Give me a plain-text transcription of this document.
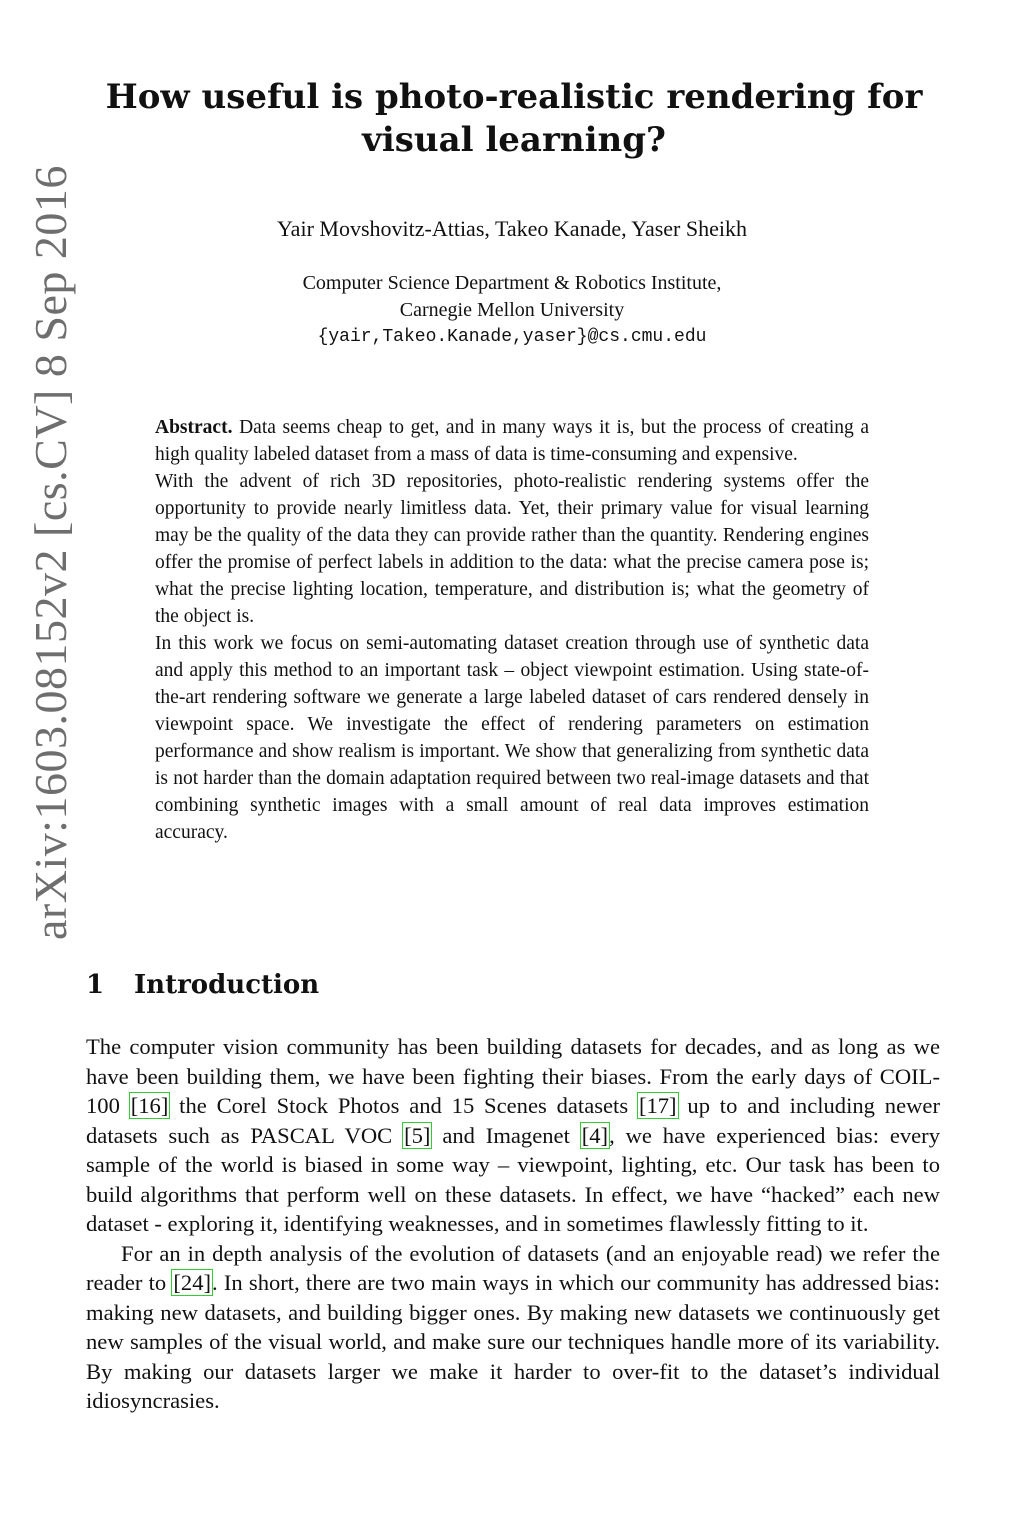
arXiv:1603.08152v2 [cs.CV] 8 Sep 2016
How useful is photo-realistic rendering for visual learning?
Yair Movshovitz-Attias, Takeo Kanade, Yaser Sheikh
Computer Science Department & Robotics Institute,
Carnegie Mellon University
{yair,Takeo.Kanade,yaser}@cs.cmu.edu

Abstract. Data seems cheap to get, and in many ways it is, but the process of creating a high quality labeled dataset from a mass of data is time-consuming and expensive.

With the advent of rich 3D repositories, photo-realistic rendering systems offer the opportunity to provide nearly limitless data. Yet, their primary value for visual learning may be the quality of the data they can provide rather than the quantity. Rendering engines offer the promise of perfect labels in addition to the data: what the precise camera pose is; what the precise lighting location, temperature, and distribution is; what the geometry of the object is.

In this work we focus on semi-automating dataset creation through use of synthetic data and apply this method to an important task – object viewpoint estimation. Using state-of-the-art rendering software we generate a large labeled dataset of cars rendered densely in viewpoint space. We investigate the effect of rendering parameters on estimation performance and show realism is important. We show that generalizing from synthetic data is not harder than the domain adaptation required between two real-image datasets and that combining synthetic images with a small amount of real data improves estimation accuracy.

1 Introduction

The computer vision community has been building datasets for decades, and as long as we have been building them, we have been fighting their biases. From the early days of COIL-100 [16] the Corel Stock Photos and 15 Scenes datasets [17] up to and including newer datasets such as PASCAL VOC [5] and Imagenet [4], we have experienced bias: every sample of the world is biased in some way – viewpoint, lighting, etc. Our task has been to build algorithms that perform well on these datasets. In effect, we have “hacked” each new dataset - exploring it, identifying weaknesses, and in sometimes flawlessly fitting to it.

For an in depth analysis of the evolution of datasets (and an enjoyable read) we refer the reader to [24]. In short, there are two main ways in which our community has addressed bias: making new datasets, and building bigger ones. By making new datasets we continuously get new samples of the visual world, and make sure our techniques handle more of its variability. By making our datasets larger we make it harder to over-fit to the dataset’s individual idiosyncrasies.
